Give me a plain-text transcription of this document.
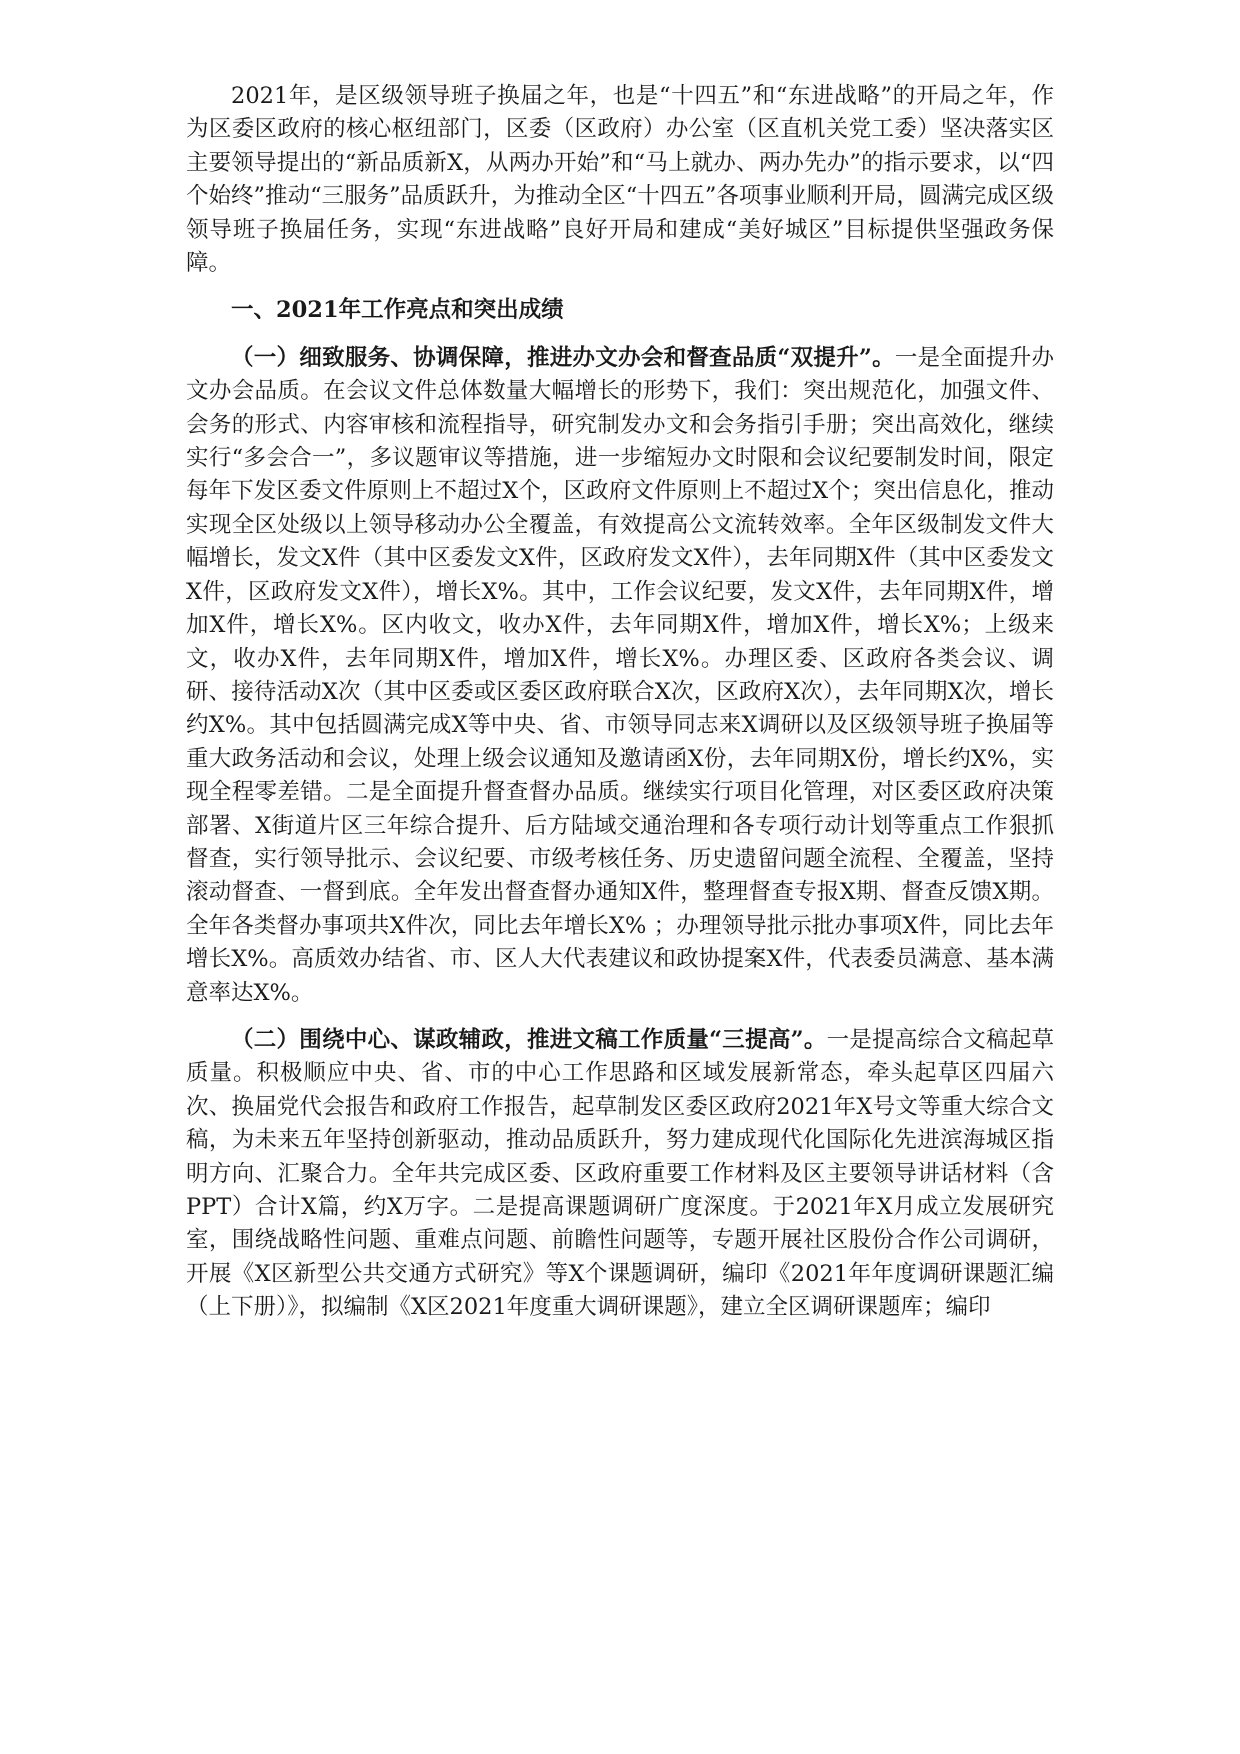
2021年，是区级领导班子换届之年，也是“十四五”和“东进战略”的开局之年，作为区委区政府的核心枢纽部门，区委（区政府）办公室（区直机关党工委）坚决落实区主要领导提出的“新品质新X，从两办开始”和“马上就办、两办先办”的指示要求，以“四个始终”推动“三服务”品质跃升，为推动全区“十四五”各项事业顺利开局，圆满完成区级领导班子换届任务，实现“东进战略”良好开局和建成“美好城区”目标提供坚强政务保障。

一、2021年工作亮点和突出成绩

（一）细致服务、协调保障，推进办文办会和督查品质“双提升”。一是全面提升办文办会品质。在会议文件总体数量大幅增长的形势下，我们：突出规范化，加强文件、会务的形式、内容审核和流程指导，研究制发办文和会务指引手册；突出高效化，继续实行“多会合一”，多议题审议等措施，进一步缩短办文时限和会议纪要制发时间，限定每年下发区委文件原则上不超过X个，区政府文件原则上不超过X个；突出信息化，推动实现全区处级以上领导移动办公全覆盖，有效提高公文流转效率。全年区级制发文件大幅增长，发文X件（其中区委发文X件，区政府发文X件），去年同期X件（其中区委发文X件，区政府发文X件），增长X%。其中，工作会议纪要，发文X件，去年同期X件，增加X件，增长X%。区内收文，收办X件，去年同期X件，增加X件，增长X%；上级来文，收办X件，去年同期X件，增加X件，增长X%。办理区委、区政府各类会议、调研、接待活动X次（其中区委或区委区政府联合X次，区政府X次），去年同期X次，增长约X%。其中包括圆满完成X等中央、省、市领导同志来X调研以及区级领导班子换届等重大政务活动和会议，处理上级会议通知及邀请函X份，去年同期X份，增长约X%，实现全程零差错。二是全面提升督查督办品质。继续实行项目化管理，对区委区政府决策部署、X街道片区三年综合提升、后方陆域交通治理和各专项行动计划等重点工作狠抓督查，实行领导批示、会议纪要、市级考核任务、历史遗留问题全流程、全覆盖，坚持滚动督查、一督到底。全年发出督查督办通知X件，整理督查专报X期、督查反馈X期。全年各类督办事项共X件次，同比去年增长X% ；办理领导批示批办事项X件，同比去年增长X%。高质效办结省、市、区人大代表建议和政协提案X件，代表委员满意、基本满意率达X%。

（二）围绕中心、谋政辅政，推进文稿工作质量“三提高”。一是提高综合文稿起草质量。积极顺应中央、省、市的中心工作思路和区域发展新常态，牵头起草区四届六次、换届党代会报告和政府工作报告，起草制发区委区政府2021年X号文等重大综合文稿，为未来五年坚持创新驱动，推动品质跃升，努力建成现代化国际化先进滨海城区指明方向、汇聚合力。全年共完成区委、区政府重要工作材料及区主要领导讲话材料（含PPT）合计X篇，约X万字。二是提高课题调研广度深度。于2021年X月成立发展研究室，围绕战略性问题、重难点问题、前瞻性问题等，专题开展社区股份合作公司调研，开展《X区新型公共交通方式研究》等X个课题调研，编印《2021年年度调研课题汇编（上下册）》，拟编制《X区2021年度重大调研课题》，建立全区调研课题库；编印
